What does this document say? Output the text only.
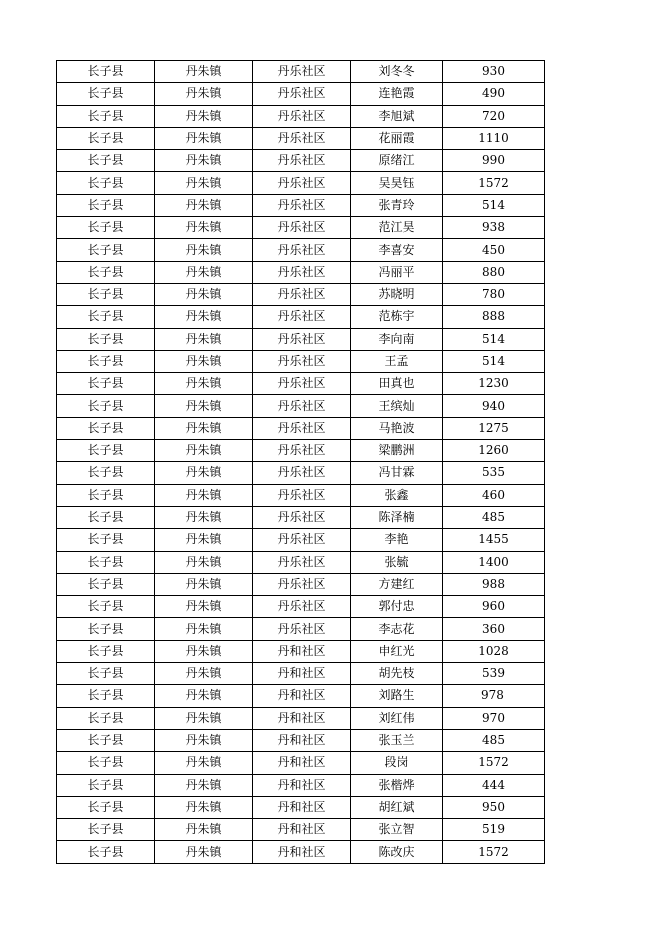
长子县	丹朱镇	丹乐社区	刘冬冬	930
长子县	丹朱镇	丹乐社区	连艳霞	490
长子县	丹朱镇	丹乐社区	李旭斌	720
长子县	丹朱镇	丹乐社区	花丽霞	1110
长子县	丹朱镇	丹乐社区	原绪江	990
长子县	丹朱镇	丹乐社区	吴昊钰	1572
长子县	丹朱镇	丹乐社区	张青玲	514
长子县	丹朱镇	丹乐社区	范江昊	938
长子县	丹朱镇	丹乐社区	李喜安	450
长子县	丹朱镇	丹乐社区	冯丽平	880
长子县	丹朱镇	丹乐社区	苏晓明	780
长子县	丹朱镇	丹乐社区	范栋宇	888
长子县	丹朱镇	丹乐社区	李向南	514
长子县	丹朱镇	丹乐社区	王孟	514
长子县	丹朱镇	丹乐社区	田真也	1230
长子县	丹朱镇	丹乐社区	王缤灿	940
长子县	丹朱镇	丹乐社区	马艳波	1275
长子县	丹朱镇	丹乐社区	梁鹏洲	1260
长子县	丹朱镇	丹乐社区	冯甘霖	535
长子县	丹朱镇	丹乐社区	张鑫	460
长子县	丹朱镇	丹乐社区	陈泽楠	485
长子县	丹朱镇	丹乐社区	李艳	1455
长子县	丹朱镇	丹乐社区	张毓	1400
长子县	丹朱镇	丹乐社区	方建红	988
长子县	丹朱镇	丹乐社区	郭付忠	960
长子县	丹朱镇	丹乐社区	李志花	360
长子县	丹朱镇	丹和社区	申红光	1028
长子县	丹朱镇	丹和社区	胡先枝	539
长子县	丹朱镇	丹和社区	刘路生	978
长子县	丹朱镇	丹和社区	刘红伟	970
长子县	丹朱镇	丹和社区	张玉兰	485
长子县	丹朱镇	丹和社区	段岗	1572
长子县	丹朱镇	丹和社区	张楷烨	444
长子县	丹朱镇	丹和社区	胡红斌	950
长子县	丹朱镇	丹和社区	张立智	519
长子县	丹朱镇	丹和社区	陈改庆	1572
